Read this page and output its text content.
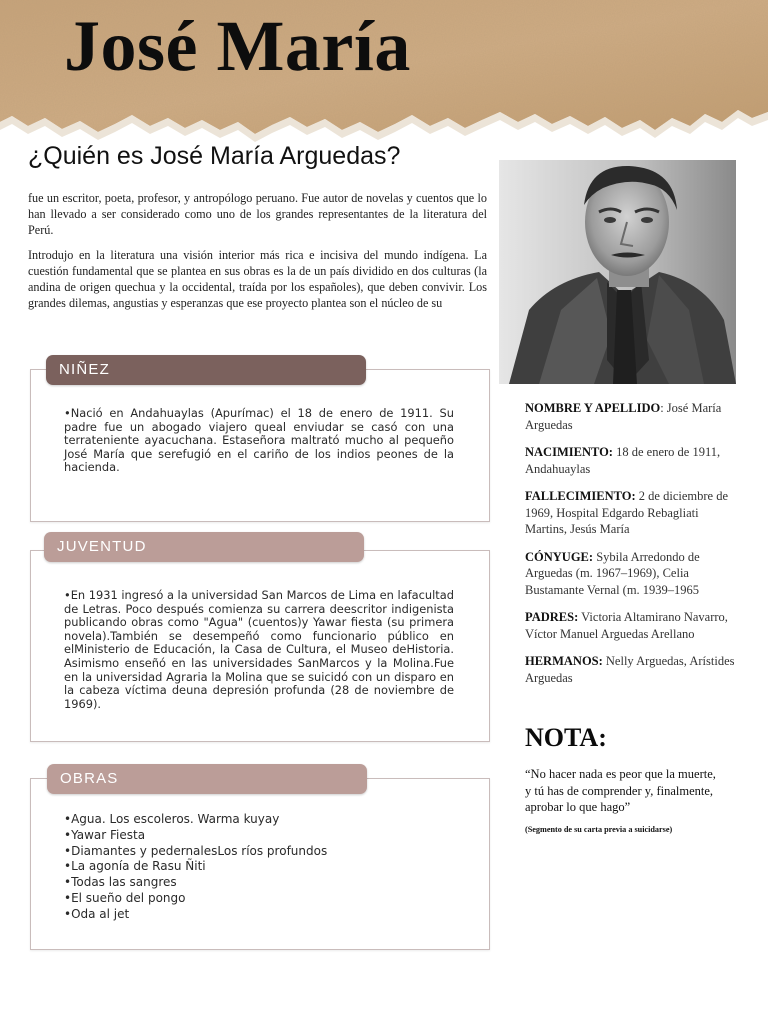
José María
¿Quién es José María Arguedas?

fue un escritor, poeta, profesor, y antropólogo peruano. Fue autor de novelas y cuentos que lo han llevado a ser considerado como uno de los grandes representantes de la literatura del Perú.

Introdujo en la literatura una visión interior más rica e incisiva del mundo indígena. La cuestión fundamental que se plantea en sus obras es la de un país dividido en dos culturas (la andina de origen quechua y la occidental, traída por los españoles), que deben convivir. Los grandes dilemas, angustias y esperanzas que ese proyecto plantea son el núcleo de su

NIÑEZ
•Nació en Andahuaylas (Apurímac) el 18 de enero de 1911. Su padre fue un abogado viajero queal enviudar se casó con una terrateniente ayacuchana. Estaseñora maltrató mucho al pequeño José María que serefugió en el cariño de los indios peones de la hacienda.
JUVENTUD
•En 1931 ingresó a la universidad San Marcos de Lima en lafacultad de Letras. Poco después comienza su carrera deescritor indigenista publicando obras como "Agua" (cuentos)y Yawar fiesta (su primera novela).También se desempeñó como funcionario público en elMinisterio de Educación, la Casa de Cultura, el Museo deHistoria. Asimismo enseñó en las universidades SanMarcos y la Molina.Fue en la universidad Agraria la Molina que se suicidó con un disparo en la cabeza víctima deuna depresión profunda (28 de noviembre de 1969).
OBRAS
•Agua. Los escoleros. Warma kuyay
•Yawar Fiesta
•Diamantes y pedernalesLos ríos profundos
•La agonía de Rasu Ñiti
•Todas las sangres
•El sueño del pongo
•Oda al jet
NOMBRE Y APELLIDO: José María Arguedas
NACIMIENTO: 18 de enero de 1911, Andahuaylas
FALLECIMIENTO: 2 de diciembre de 1969, Hospital Edgardo Rebagliati Martins, Jesús María
CÓNYUGE: Sybila Arredondo de Arguedas (m. 1967–1969), Celia Bustamante Vernal (m. 1939–1965
PADRES: Victoria Altamirano Navarro, Víctor Manuel Arguedas Arellano
HERMANOS: Nelly Arguedas, Arístides Arguedas
NOTA:
“No hacer nada es peor que la muerte, y tú has de comprender y, finalmente, aprobar lo que hago”
(Segmento de su carta previa a suicidarse)
